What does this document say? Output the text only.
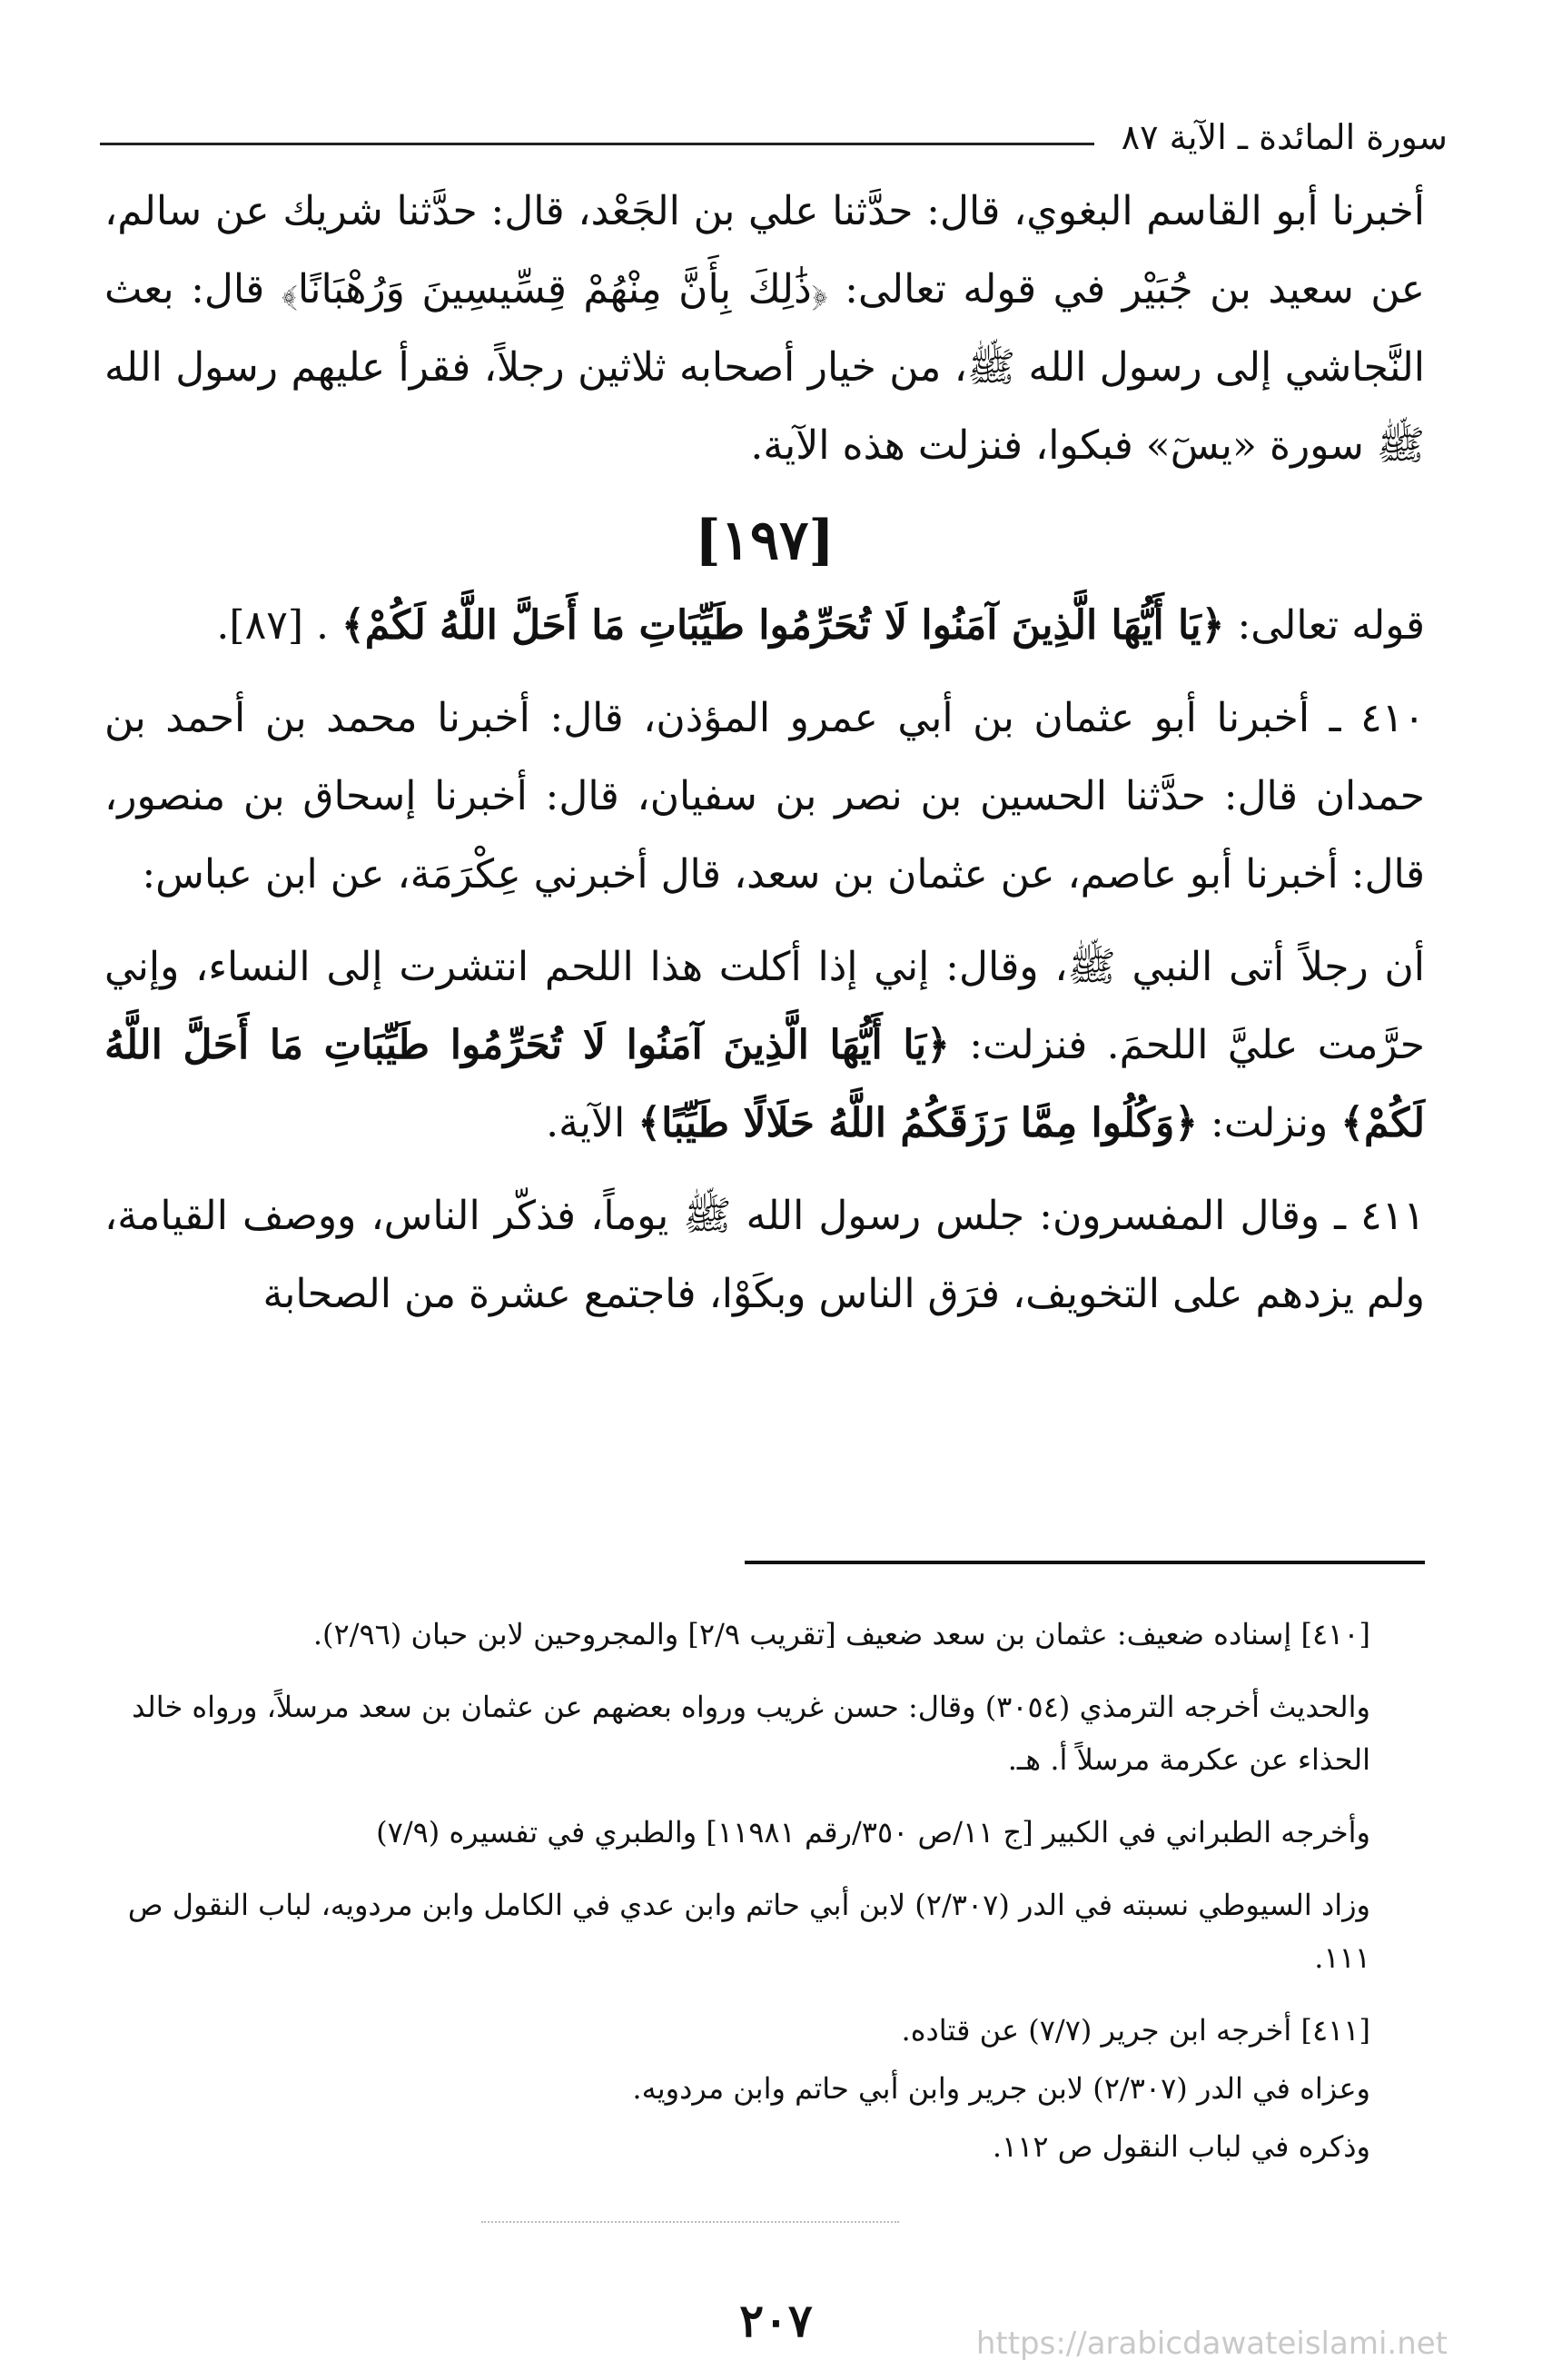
سورة المائدة ـ الآية ٨٧

أخبرنا أبو القاسم البغوي، قال: حدَّثنا علي بن الجَعْد، قال: حدَّثنا شريك عن سالم، عن سعيد بن جُبَيْر في قوله تعالى: ﴿ذَٰلِكَ بِأَنَّ مِنْهُمْ قِسِّيسِينَ وَرُهْبَانًا﴾ قال: بعث النَّجاشي إلى رسول الله ﷺ، من خيار أصحابه ثلاثين رجلاً، فقرأ عليهم رسول الله ﷺ سورة «يسٓ» فبكوا، فنزلت هذه الآية.

[١٩٧]

قوله تعالى: ﴿يَا أَيُّهَا الَّذِينَ آمَنُوا لَا تُحَرِّمُوا طَيِّبَاتِ مَا أَحَلَّ اللَّهُ لَكُمْ﴾ . [٨٧].

٤١٠ ـ أخبرنا أبو عثمان بن أبي عمرو المؤذن، قال: أخبرنا محمد بن أحمد بن حمدان قال: حدَّثنا الحسين بن نصر بن سفيان، قال: أخبرنا إسحاق بن منصور، قال: أخبرنا أبو عاصم، عن عثمان بن سعد، قال أخبرني عِكْرَمَة، عن ابن عباس:

أن رجلاً أتى النبي ﷺ، وقال: إني إذا أكلت هذا اللحم انتشرت إلى النساء، وإني حرَّمت عليَّ اللحمَ. فنزلت: ﴿يَا أَيُّهَا الَّذِينَ آمَنُوا لَا تُحَرِّمُوا طَيِّبَاتِ مَا أَحَلَّ اللَّهُ لَكُمْ﴾ ونزلت: ﴿وَكُلُوا مِمَّا رَزَقَكُمُ اللَّهُ حَلَالًا طَيِّبًا﴾ الآية.

٤١١ ـ وقال المفسرون: جلس رسول الله ﷺ يوماً، فذكّر الناس، ووصف القيامة، ولم يزدهم على التخويف، فرَق الناس وبكَوْا، فاجتمع عشرة من الصحابة

[٤١٠] إسناده ضعيف: عثمان بن سعد ضعيف [تقريب ٢/٩] والمجروحين لابن حبان (٢/٩٦).

والحديث أخرجه الترمذي (٣٠٥٤) وقال: حسن غريب ورواه بعضهم عن عثمان بن سعد مرسلاً، ورواه خالد الحذاء عن عكرمة مرسلاً أ. هـ.

وأخرجه الطبراني في الكبير [ج ١١/ص ٣٥٠/رقم ١١٩٨١] والطبري في تفسيره (٧/٩)

وزاد السيوطي نسبته في الدر (٢/٣٠٧) لابن أبي حاتم وابن عدي في الكامل وابن مردويه، لباب النقول ص ١١١.

[٤١١] أخرجه ابن جرير (٧/٧) عن قتاده.

وعزاه في الدر (٢/٣٠٧) لابن جرير وابن أبي حاتم وابن مردويه.

وذكره في لباب النقول ص ١١٢.

٢٠٧	https://arabicdawateislami.net
